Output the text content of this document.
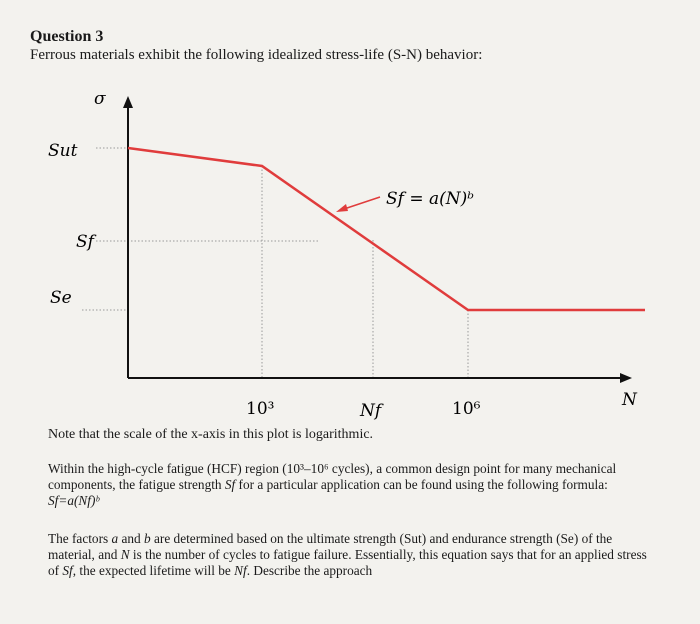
Question 3
Ferrous materials exhibit the following idealized stress-life (S-N) behavior:
σ
Sut
Sf
Se
Sf = a(N)ᵇ
10³	Nf	10⁶	N
Note that the scale of the x-axis in this plot is logarithmic.
Within the high-cycle fatigue (HCF) region (10³–10⁶ cycles), a common design point for many mechanical components, the fatigue strength Sf for a particular application can be found using the following formula: Sf=a(Nf)ᵇ
The factors a and b are determined based on the ultimate strength (Sut) and endurance strength (Se) of the material, and N is the number of cycles to fatigue failure. Essentially, this equation says that for an applied stress of Sf, the expected lifetime will be Nf. Describe the approach
